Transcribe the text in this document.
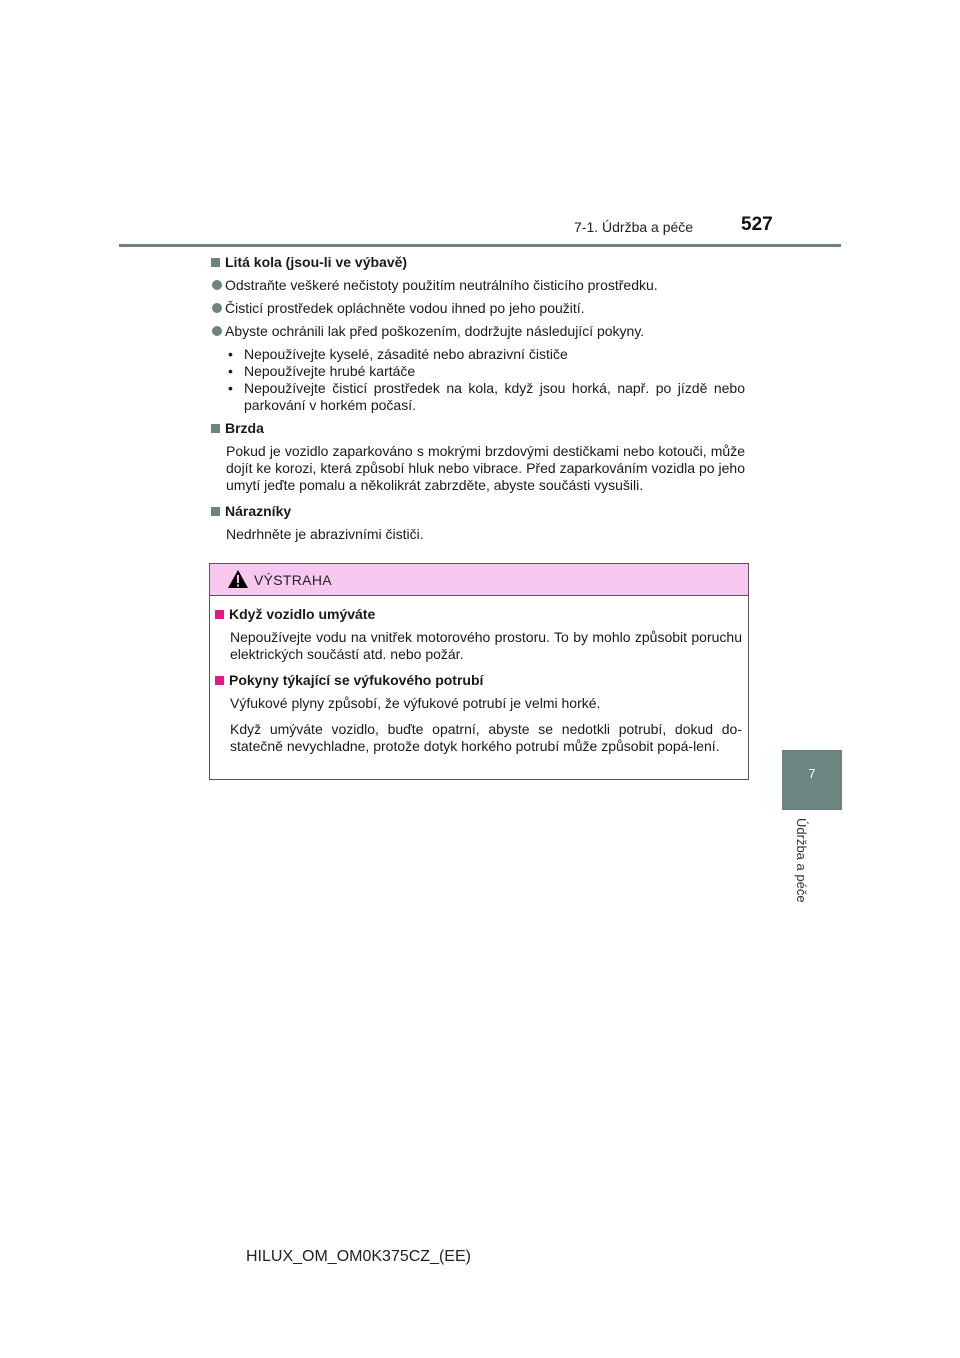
7-1. Údržba a péče	527
7
Údržba a péče
Litá kola (jsou-li ve výbavě)
Odstraňte veškeré nečistoty použitím neutrálního čisticího prostředku.
Čisticí prostředek opláchněte vodou ihned po jeho použití.
Abyste ochránili lak před poškozením, dodržujte následující pokyny.
• Nepoužívejte kyselé, zásadité nebo abrazivní čističe
• Nepoužívejte hrubé kartáče
• Nepoužívejte čisticí prostředek na kola, když jsou horká, např. po jízdě nebo parkování v horkém počasí.
Brzda
Pokud je vozidlo zaparkováno s mokrými brzdovými destičkami nebo kotouči, může dojít ke korozi, která způsobí hluk nebo vibrace. Před zaparkováním vozidla po jeho umytí jeďte pomalu a několikrát zabrzděte, abyste součásti vysušili.
Nárazníky
Nedrhněte je abrazivními čističi.
VÝSTRAHA
Když vozidlo umýváte
Nepoužívejte vodu na vnitřek motorového prostoru. To by mohlo způsobit poruchu elektrických součástí atd. nebo požár.
Pokyny týkající se výfukového potrubí
Výfukové plyny způsobí, že výfukové potrubí je velmi horké.
Když umýváte vozidlo, buďte opatrní, abyste se nedotkli potrubí, dokud do-statečně nevychladne, protože dotyk horkého potrubí může způsobit popá-lení.
HILUX_OM_OM0K375CZ_(EE)
